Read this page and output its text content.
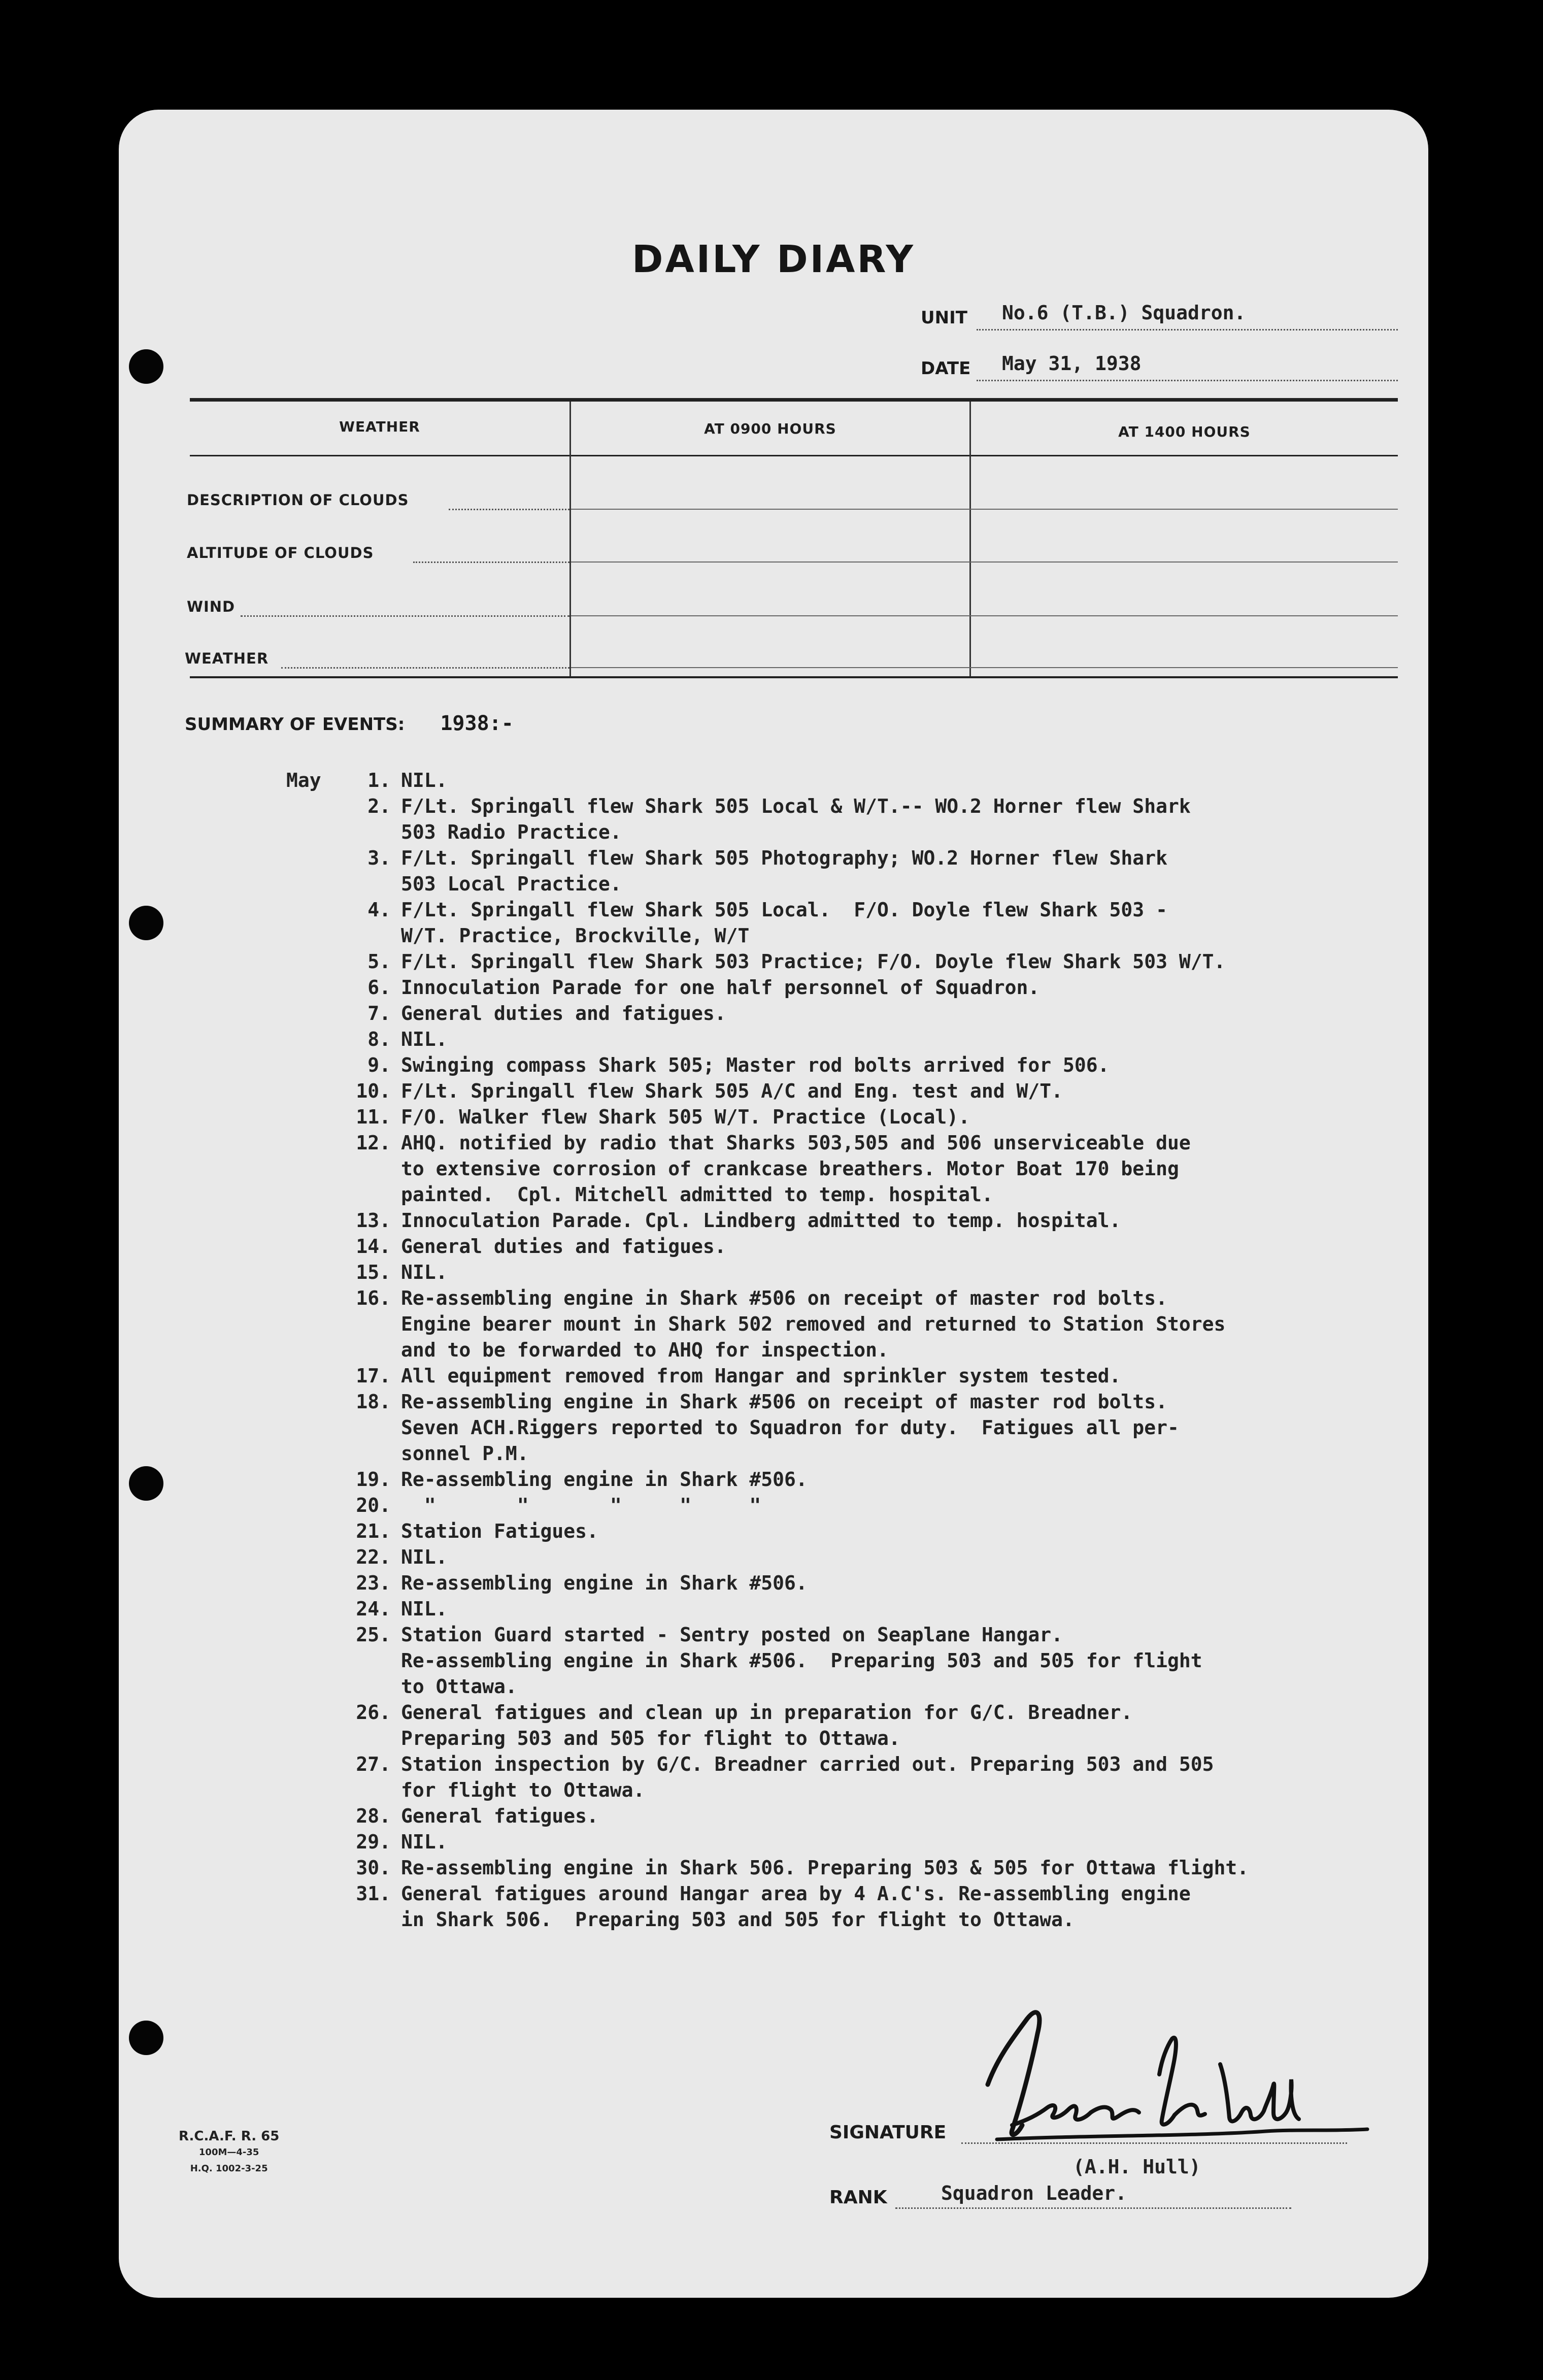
DAILY DIARY
UNIT No.6 (T.B.) Squadron.
DATE May 31, 1938
WEATHER	AT 0900 HOURS	AT 1400 HOURS
DESCRIPTION OF CLOUDS
ALTITUDE OF CLOUDS
WIND
WEATHER
SUMMARY OF EVENTS: 1938:-
May	1. NIL.
2. F/Lt. Springall flew Shark 505 Local & W/T.-- WO.2 Horner flew Shark
503 Radio Practice.
3. F/Lt. Springall flew Shark 505 Photography; WO.2 Horner flew Shark
503 Local Practice.
4. F/Lt. Springall flew Shark 505 Local.  F/O. Doyle flew Shark 503 -
W/T. Practice, Brockville, W/T
5. F/Lt. Springall flew Shark 503 Practice; F/O. Doyle flew Shark 503 W/T.
6. Innoculation Parade for one half personnel of Squadron.
7. General duties and fatigues.
8. NIL.
9. Swinging compass Shark 505; Master rod bolts arrived for 506.
10. F/Lt. Springall flew Shark 505 A/C and Eng. test and W/T.
11. F/O. Walker flew Shark 505 W/T. Practice (Local).
12. AHQ. notified by radio that Sharks 503,505 and 506 unserviceable due
to extensive corrosion of crankcase breathers. Motor Boat 170 being
painted.  Cpl. Mitchell admitted to temp. hospital.
13. Innoculation Parade. Cpl. Lindberg admitted to temp. hospital.
14. General duties and fatigues.
15. NIL.
16. Re-assembling engine in Shark #506 on receipt of master rod bolts.
Engine bearer mount in Shark 502 removed and returned to Station Stores
and to be forwarded to AHQ for inspection.
17. All equipment removed from Hangar and sprinkler system tested.
18. Re-assembling engine in Shark #506 on receipt of master rod bolts.
Seven ACH.Riggers reported to Squadron for duty.  Fatigues all per-
sonnel P.M.
19. Re-assembling engine in Shark #506.
20. "       "       "     "     "
21. Station Fatigues.
22. NIL.
23. Re-assembling engine in Shark #506.
24. NIL.
25. Station Guard started - Sentry posted on Seaplane Hangar.
Re-assembling engine in Shark #506.  Preparing 503 and 505 for flight
to Ottawa.
26. General fatigues and clean up in preparation for G/C. Breadner.
Preparing 503 and 505 for flight to Ottawa.
27. Station inspection by G/C. Breadner carried out. Preparing 503 and 505
for flight to Ottawa.
28. General fatigues.
29. NIL.
30. Re-assembling engine in Shark 506. Preparing 503 & 505 for Ottawa flight.
31. General fatigues around Hangar area by 4 A.C's. Re-assembling engine
in Shark 506.  Preparing 503 and 505 for flight to Ottawa.
R.C.A.F. R. 65
100M—4-35
H.Q. 1002-3-25
SIGNATURE
(A.H. Hull)
RANK	Squadron Leader.
